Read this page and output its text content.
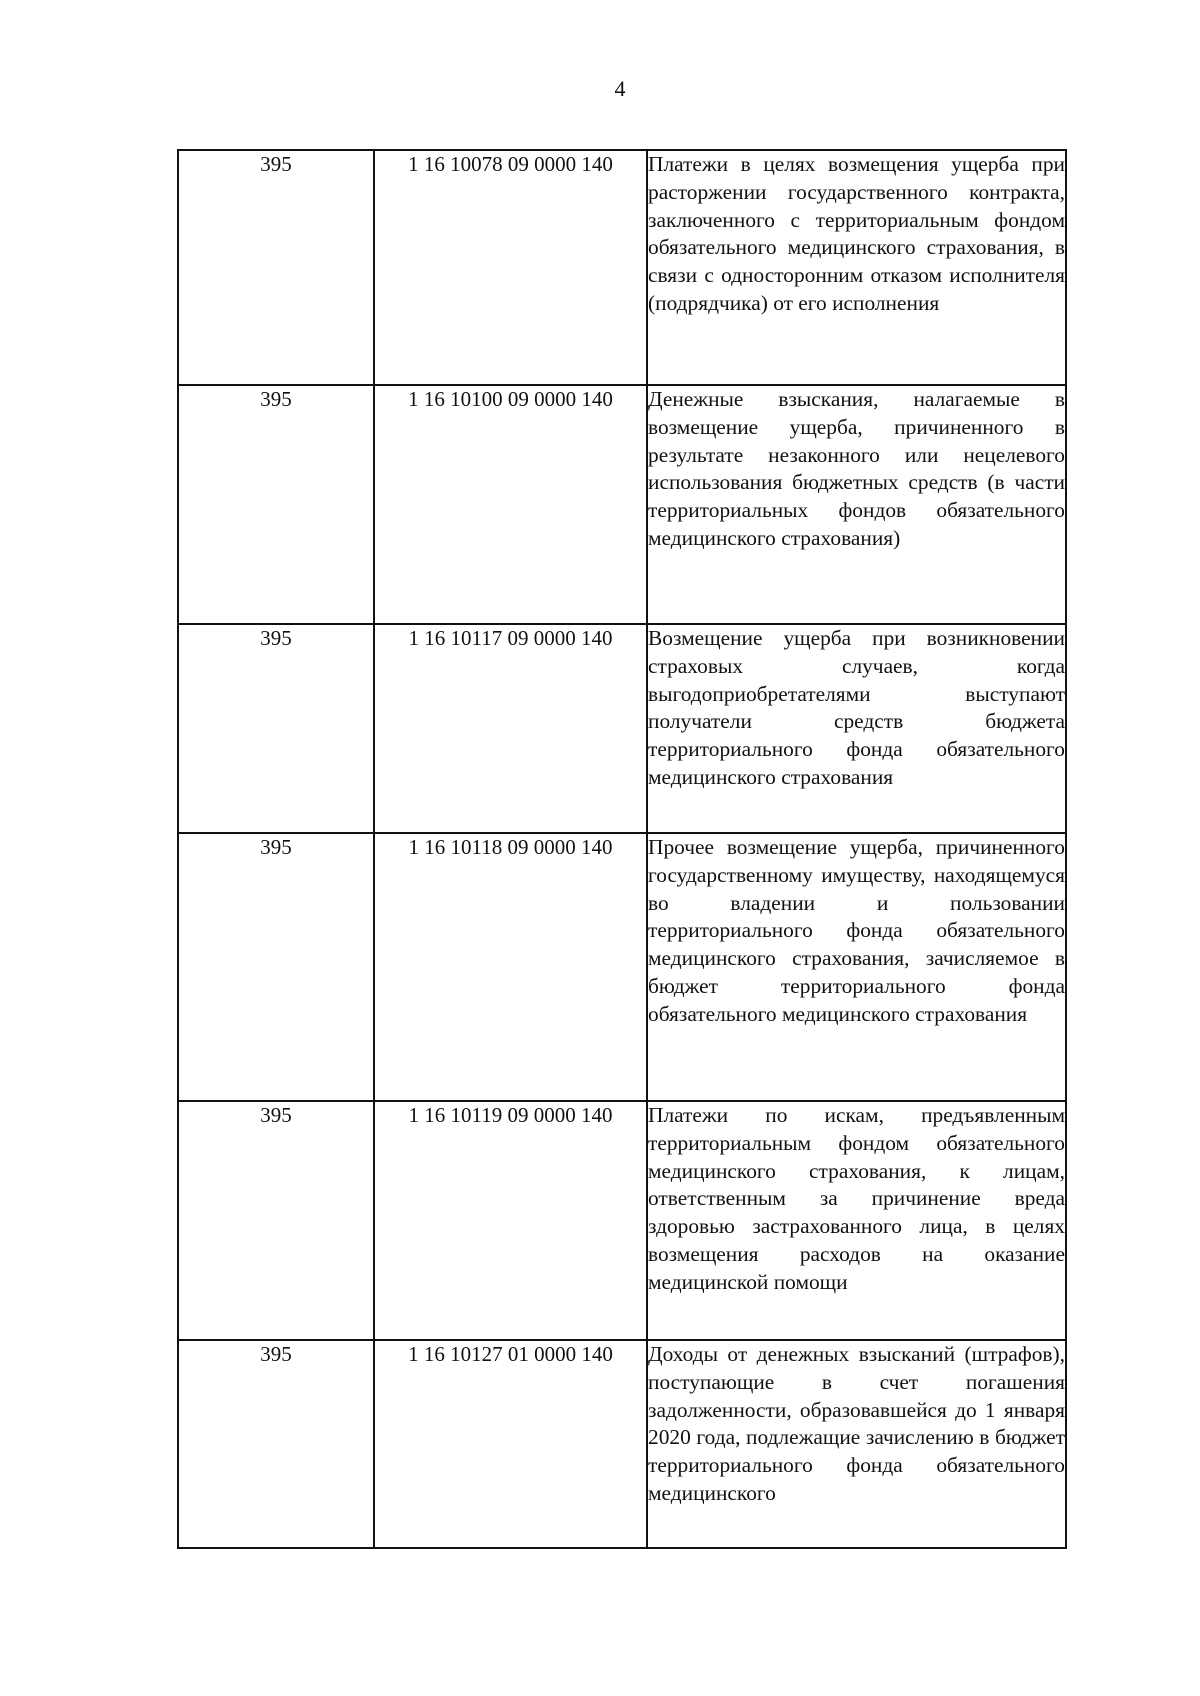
4
395	1 16 10078 09 0000 140	Платежи в целях возмещения ущерба при расторжении государственного контракта, заключенного с территориальным фондом обязательного медицинского страхования, в связи с односторонним отказом исполнителя (подрядчика) от его исполнения

395	1 16 10100 09 0000 140	Денежные взыскания, налагаемые в возмещение ущерба, причиненного в результате незаконного или нецелевого использования бюджетных средств (в части территориальных фондов обязательного медицинского страхования)

395	1 16 10117 09 0000 140	Возмещение ущерба при возникновении страховых случаев, когда выгодоприобретателями выступают получатели средств бюджета территориального фонда обязательного медицинского страхования

395	1 16 10118 09 0000 140	Прочее возмещение ущерба, причиненного государственному имуществу, находящемуся во владении и пользовании территориального фонда обязательного медицинского страхования, зачисляемое в бюджет территориального фонда обязательного медицинского страхования

395	1 16 10119 09 0000 140	Платежи по искам, предъявленным территориальным фондом обязательного медицинского страхования, к лицам, ответственным за причинение вреда здоровью застрахованного лица, в целях возмещения расходов на оказание медицинской помощи

395	1 16 10127 01 0000 140	Доходы от денежных взысканий (штрафов), поступающие в счет погашения задолженности, образовавшейся до 1 января 2020 года, подлежащие зачислению в бюджет территориального фонда обязательного медицинского
